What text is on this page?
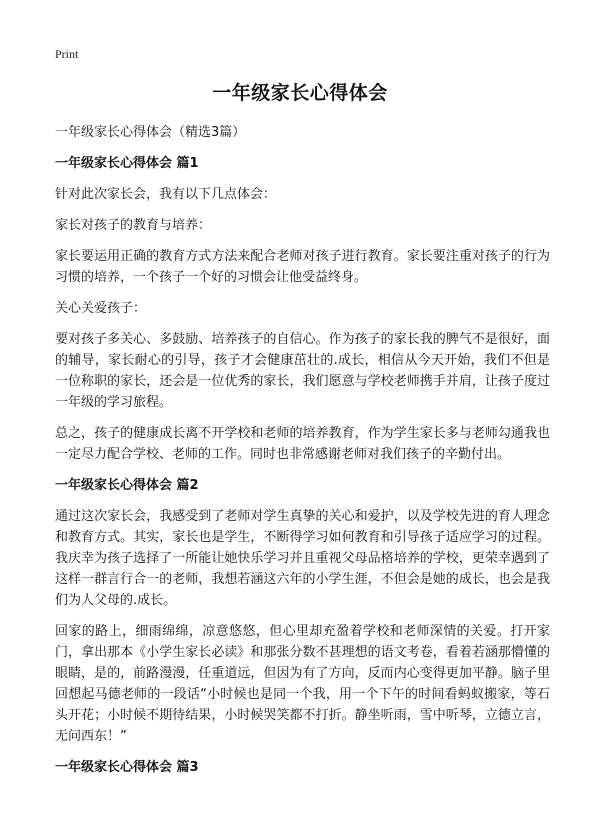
Print
一年级家长心得体会

一年级家长心得体会（精选3篇）

一年级家长心得体会 篇1

针对此次家长会，我有以下几点体会：

家长对孩子的教育与培养：

家长要运用正确的教育方式方法来配合老师对孩子进行教育。家长要注重对孩子的行为习惯的培养，一个孩子一个好的习惯会让他受益终身。

关心关爱孩子：

要对孩子多关心、多鼓励、培养孩子的自信心。作为孩子的家长我的脾气不是很好，面的辅导，家长耐心的引导，孩子才会健康茁壮的.成长，相信从今天开始，我们不但是一位称职的家长，还会是一位优秀的家长，我们愿意与学校老师携手并肩，让孩子度过一年级的学习旅程。

总之，孩子的健康成长离不开学校和老师的培养教育，作为学生家长多与老师勾通我也一定尽力配合学校、老师的工作。同时也非常感谢老师对我们孩子的辛勤付出。

一年级家长心得体会 篇2

通过这次家长会，我感受到了老师对学生真挚的关心和爱护，以及学校先进的育人理念和教育方式。其实，家长也是学生，不断得学习如何教育和引导孩子适应学习的过程。我庆幸为孩子选择了一所能让她快乐学习并且重视父母品格培养的学校，更荣幸遇到了这样一群言行合一的老师，我想若涵这六年的小学生涯，不但会是她的成长，也会是我们为人父母的.成长。

回家的路上，细雨绵绵，凉意悠悠，但心里却充盈着学校和老师深情的关爱。打开家门，拿出那本《小学生家长必读》和那张分数不甚理想的语文考卷，看着若涵那懵懂的眼睛，是的，前路漫漫，任重道远，但因为有了方向，反而内心变得更加平静。脑子里回想起马德老师的一段话“小时候也是同一个我，用一个下午的时间看蚂蚁搬家，等石头开花；小时候不期待结果，小时候哭笑都不打折。静坐听雨，雪中听琴，立德立言，无问西东！”

一年级家长心得体会 篇3
